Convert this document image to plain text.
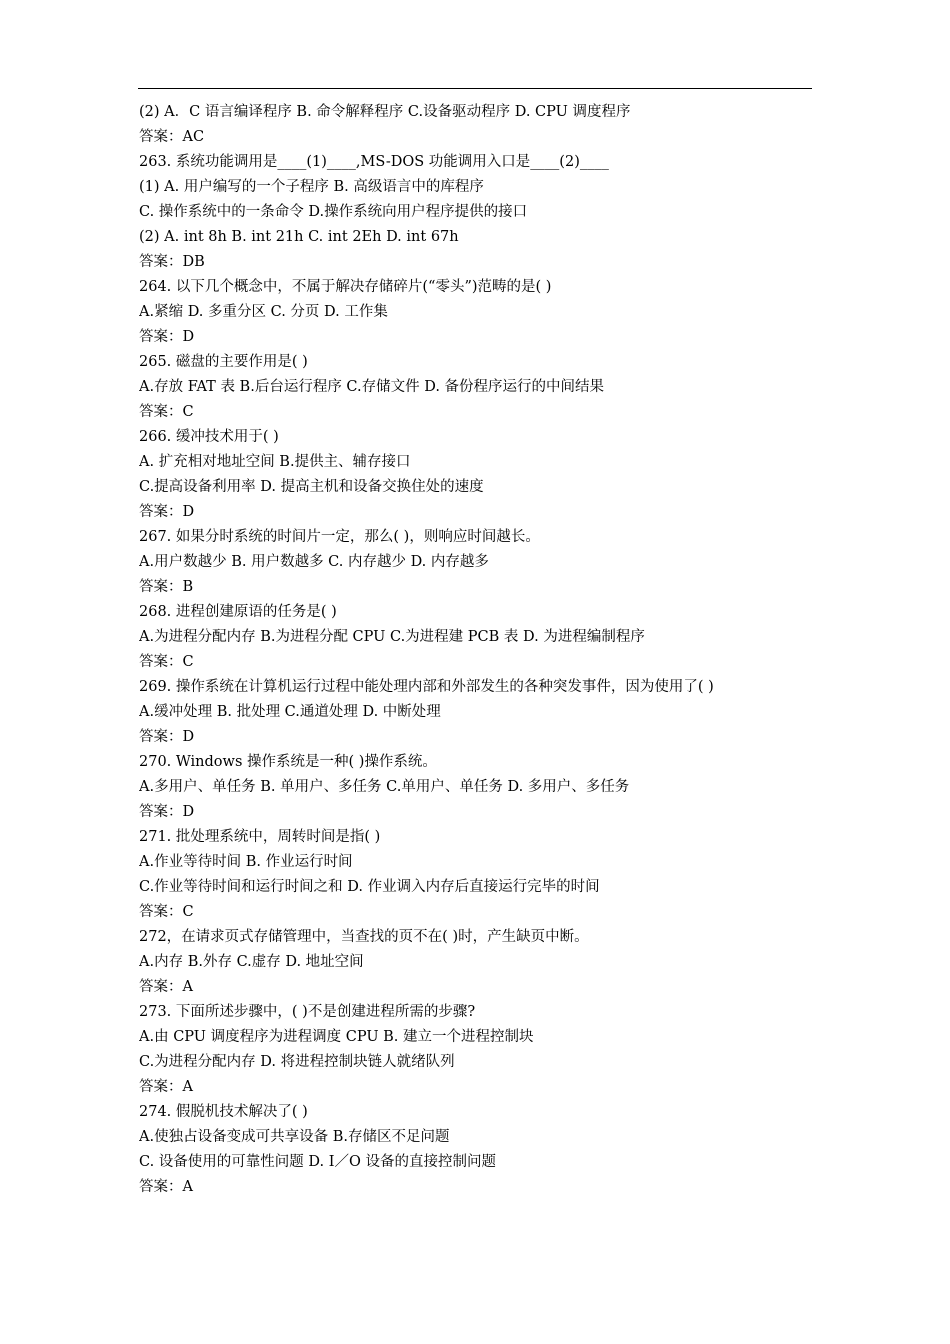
(2) A．C 语言编译程序 B. 命令解释程序 C.设备驱动程序 D. CPU 调度程序
答案：AC
263. 系统功能调用是____(1)____,MS-DOS 功能调用入口是____(2)____
(1) A. 用户编写的一个子程序 B. 高级语言中的库程序
C. 操作系统中的一条命令 D.操作系统向用户程序提供的接口
(2) A. int 8h B. int 21h C. int 2Eh D. int 67h
答案：DB
264. 以下几个概念中，不属于解决存储碎片(“零头”)范畴的是( )
A.紧缩 D. 多重分区 C. 分页 D. 工作集
答案：D
265. 磁盘的主要作用是( )
A.存放 FAT 表 B.后台运行程序 C.存储文件 D. 备份程序运行的中间结果
答案：C
266. 缓冲技术用于( )
A. 扩充相对地址空间 B.提供主、辅存接口
C.提高设备利用率 D. 提高主机和设备交换住处的速度
答案：D
267. 如果分时系统的时间片一定，那么( )，则响应时间越长。
A.用户数越少 B. 用户数越多 C. 内存越少 D. 内存越多
答案：B
268. 进程创建原语的任务是( )
A.为进程分配内存 B.为进程分配 CPU C.为进程建 PCB 表 D. 为进程编制程序
答案：C
269. 操作系统在计算机运行过程中能处理内部和外部发生的各种突发事件，因为使用了( )
A.缓冲处理 B. 批处理 C.通道处理 D. 中断处理
答案：D
270. Windows 操作系统是一种( )操作系统。
A.多用户、单任务 B. 单用户、多任务 C.单用户、单任务 D. 多用户、多任务
答案：D
271. 批处理系统中，周转时间是指( )
A.作业等待时间 B. 作业运行时间
C.作业等待时间和运行时间之和 D. 作业调入内存后直接运行完毕的时间
答案：C
272，在请求页式存储管理中，当查找的页不在( )时，产生缺页中断。
A.内存 B.外存 C.虚存 D. 地址空间
答案：A
273. 下面所述步骤中，( )不是创建进程所需的步骤?
A.由 CPU 调度程序为进程调度 CPU B. 建立一个进程控制块
C.为进程分配内存 D. 将进程控制块链人就绪队列
答案：A
274. 假脱机技术解决了( )
A.使独占设备变成可共享设备 B.存储区不足问题
C. 设备使用的可靠性问题 D. I／O 设备的直接控制问题
答案：A
